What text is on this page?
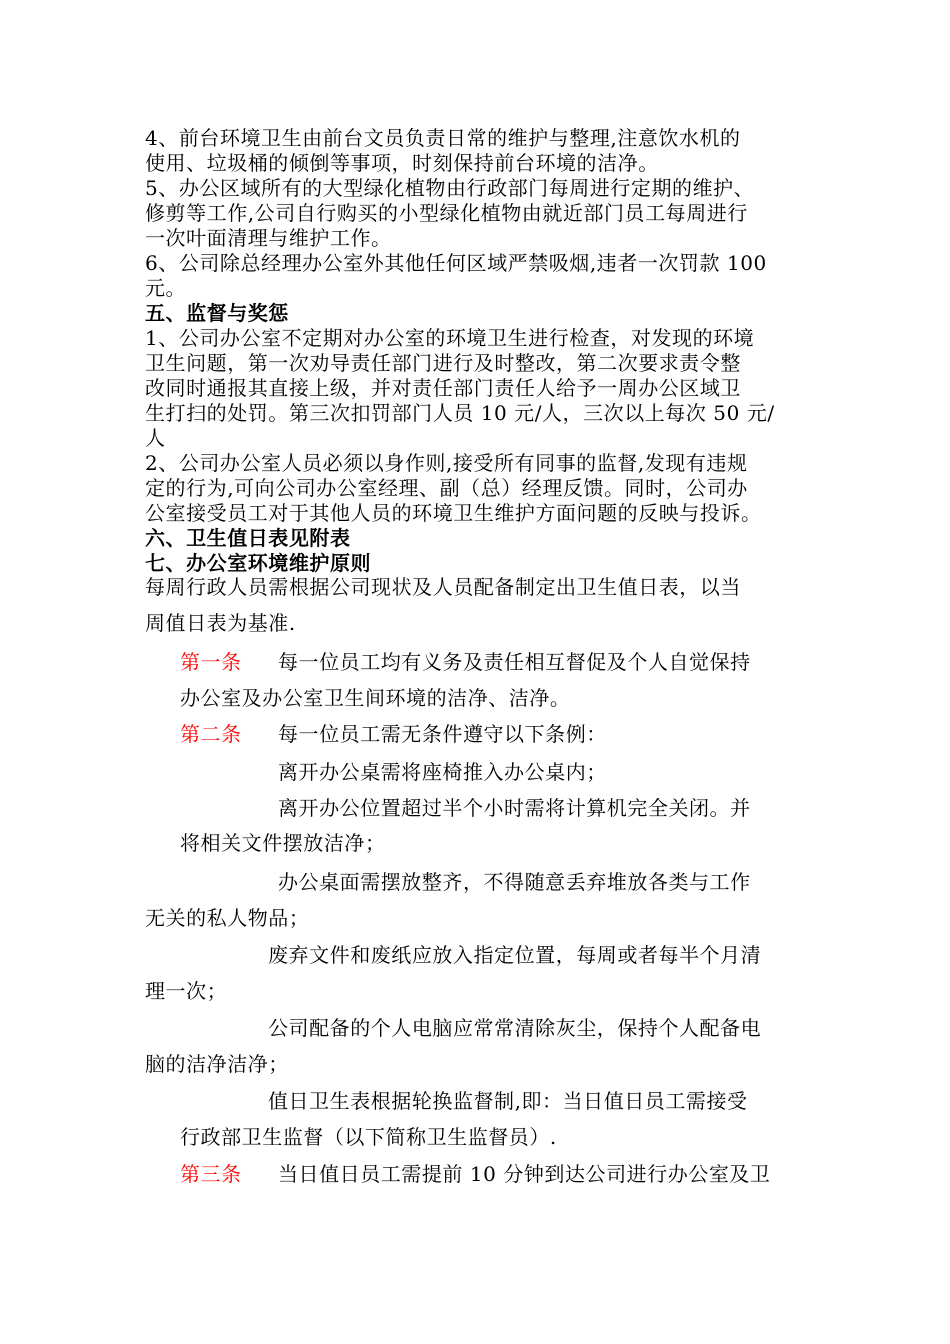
4、前台环境卫生由前台文员负责日常的维护与整理,注意饮水机的
使用、垃圾桶的倾倒等事项，时刻保持前台环境的洁净。
5、办公区域所有的大型绿化植物由行政部门每周进行定期的维护、
修剪等工作,公司自行购买的小型绿化植物由就近部门员工每周进行
一次叶面清理与维护工作。
6、公司除总经理办公室外其他任何区域严禁吸烟,违者一次罚款 100
元。
五、监督与奖惩
1、公司办公室不定期对办公室的环境卫生进行检查，对发现的环境
卫生问题，第一次劝导责任部门进行及时整改，第二次要求责令整
改同时通报其直接上级，并对责任部门责任人给予一周办公区域卫
生打扫的处罚。第三次扣罚部门人员 10 元/人，三次以上每次 50 元/
人
2、公司办公室人员必须以身作则,接受所有同事的监督,发现有违规
定的行为,可向公司办公室经理、副（总）经理反馈。同时，公司办
公室接受员工对于其他人员的环境卫生维护方面问题的反映与投诉。
六、卫生值日表见附表
七、办公室环境维护原则
每周行政人员需根据公司现状及人员配备制定出卫生值日表，以当
周值日表为基准.
第一条 每一位员工均有义务及责任相互督促及个人自觉保持
办公室及办公室卫生间环境的洁净、洁净。
第二条 每一位员工需无条件遵守以下条例：
离开办公桌需将座椅推入办公桌内；
离开办公位置超过半个小时需将计算机完全关闭。并
将相关文件摆放洁净；
办公桌面需摆放整齐，不得随意丢弃堆放各类与工作
无关的私人物品；
废弃文件和废纸应放入指定位置，每周或者每半个月清
理一次；
公司配备的个人电脑应常常清除灰尘，保持个人配备电
脑的洁净洁净；
值日卫生表根据轮换监督制,即：当日值日员工需接受
行政部卫生监督（以下简称卫生监督员）.
第三条 当日值日员工需提前 10 分钟到达公司进行办公室及卫
